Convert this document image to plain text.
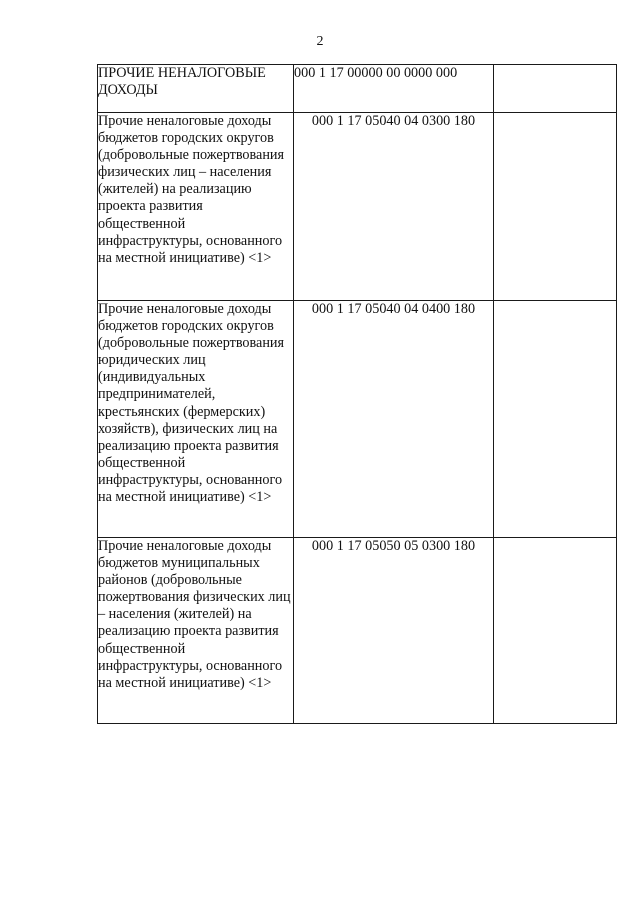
2
ПРОЧИЕ НЕНАЛОГОВЫЕ ДОХОДЫ	000 1 17 00000 00 0000 000	

Прочие неналоговые доходы бюджетов городских округов (добровольные пожертвования физических лиц – населения (жителей) на реализацию проекта развития общественной инфраструктуры, основанного на местной инициативе) <1>	000 1 17 05040 04 0300 180	

Прочие неналоговые доходы бюджетов городских округов (добровольные пожертвования юридических лиц (индивидуальных предпринимателей, крестьянских (фермерских) хозяйств), физических лиц на реализацию проекта развития общественной инфраструктуры, основанного на местной инициативе) <1>	000 1 17 05040 04 0400 180	

Прочие неналоговые доходы бюджетов муниципальных районов (добровольные пожертвования физических лиц – населения (жителей) на реализацию проекта развития общественной инфраструктуры, основанного на местной инициативе) <1>	000 1 17 05050 05 0300 180	
